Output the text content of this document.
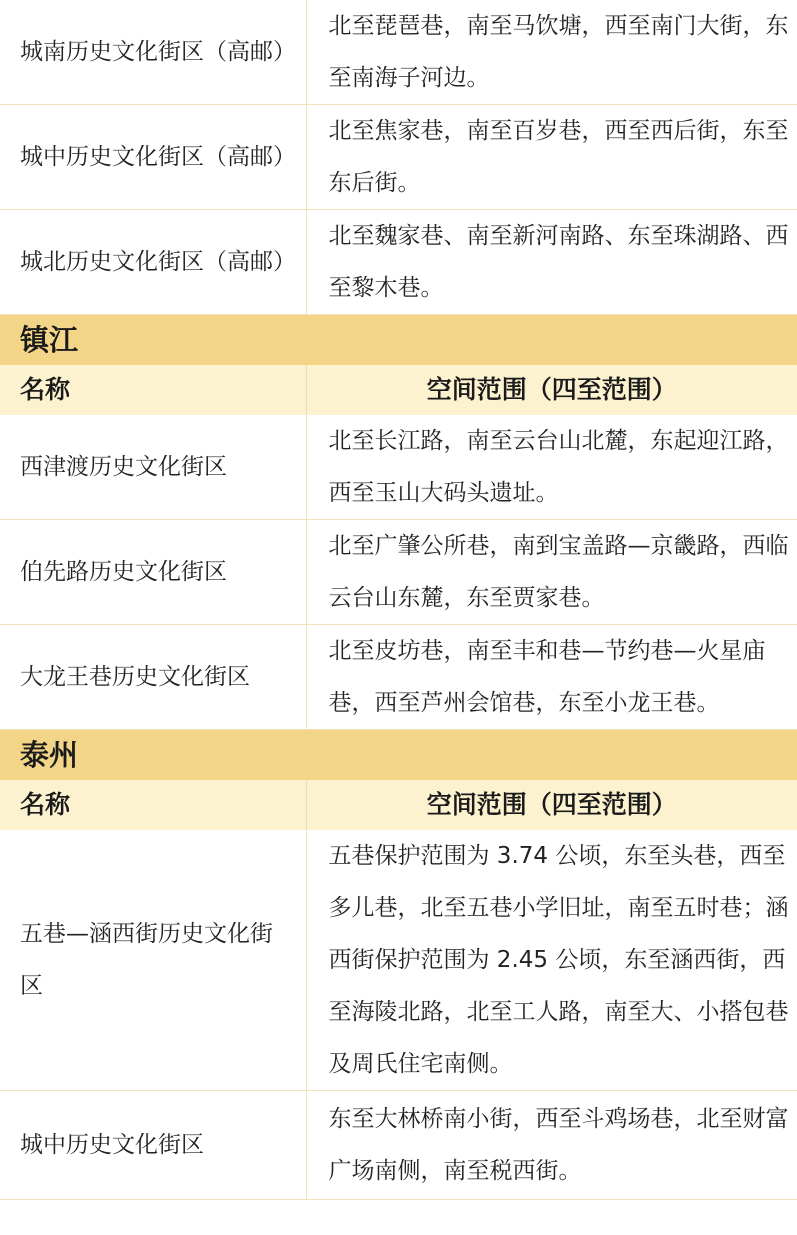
城南历史文化街区（高邮）	北至琵琶巷，南至马饮塘，西至南门大街，东至南海子河边。
城中历史文化街区（高邮）	北至焦家巷，南至百岁巷，西至西后街，东至东后街。
城北历史文化街区（高邮）	北至魏家巷、南至新河南路、东至珠湖路、西至黎木巷。
镇江	
名称	空间范围（四至范围）
西津渡历史文化街区	北至长江路，南至云台山北麓，东起迎江路，西至玉山大码头遗址。
伯先路历史文化街区	北至广肇公所巷，南到宝盖路—京畿路，西临云台山东麓，东至贾家巷。
大龙王巷历史文化街区	北至皮坊巷，南至丰和巷—节约巷—火星庙巷，西至芦州会馆巷，东至小龙王巷。
泰州	
名称	空间范围（四至范围）
五巷—涵西街历史文化街区	五巷保护范围为 3.74 公顷，东至头巷，西至多儿巷，北至五巷小学旧址，南至五时巷；涵西街保护范围为 2.45 公顷，东至涵西街，西至海陵北路，北至工人路，南至大、小搭包巷及周氏住宅南侧。
城中历史文化街区	东至大林桥南小街，西至斗鸡场巷，北至财富广场南侧，南至税西街。
